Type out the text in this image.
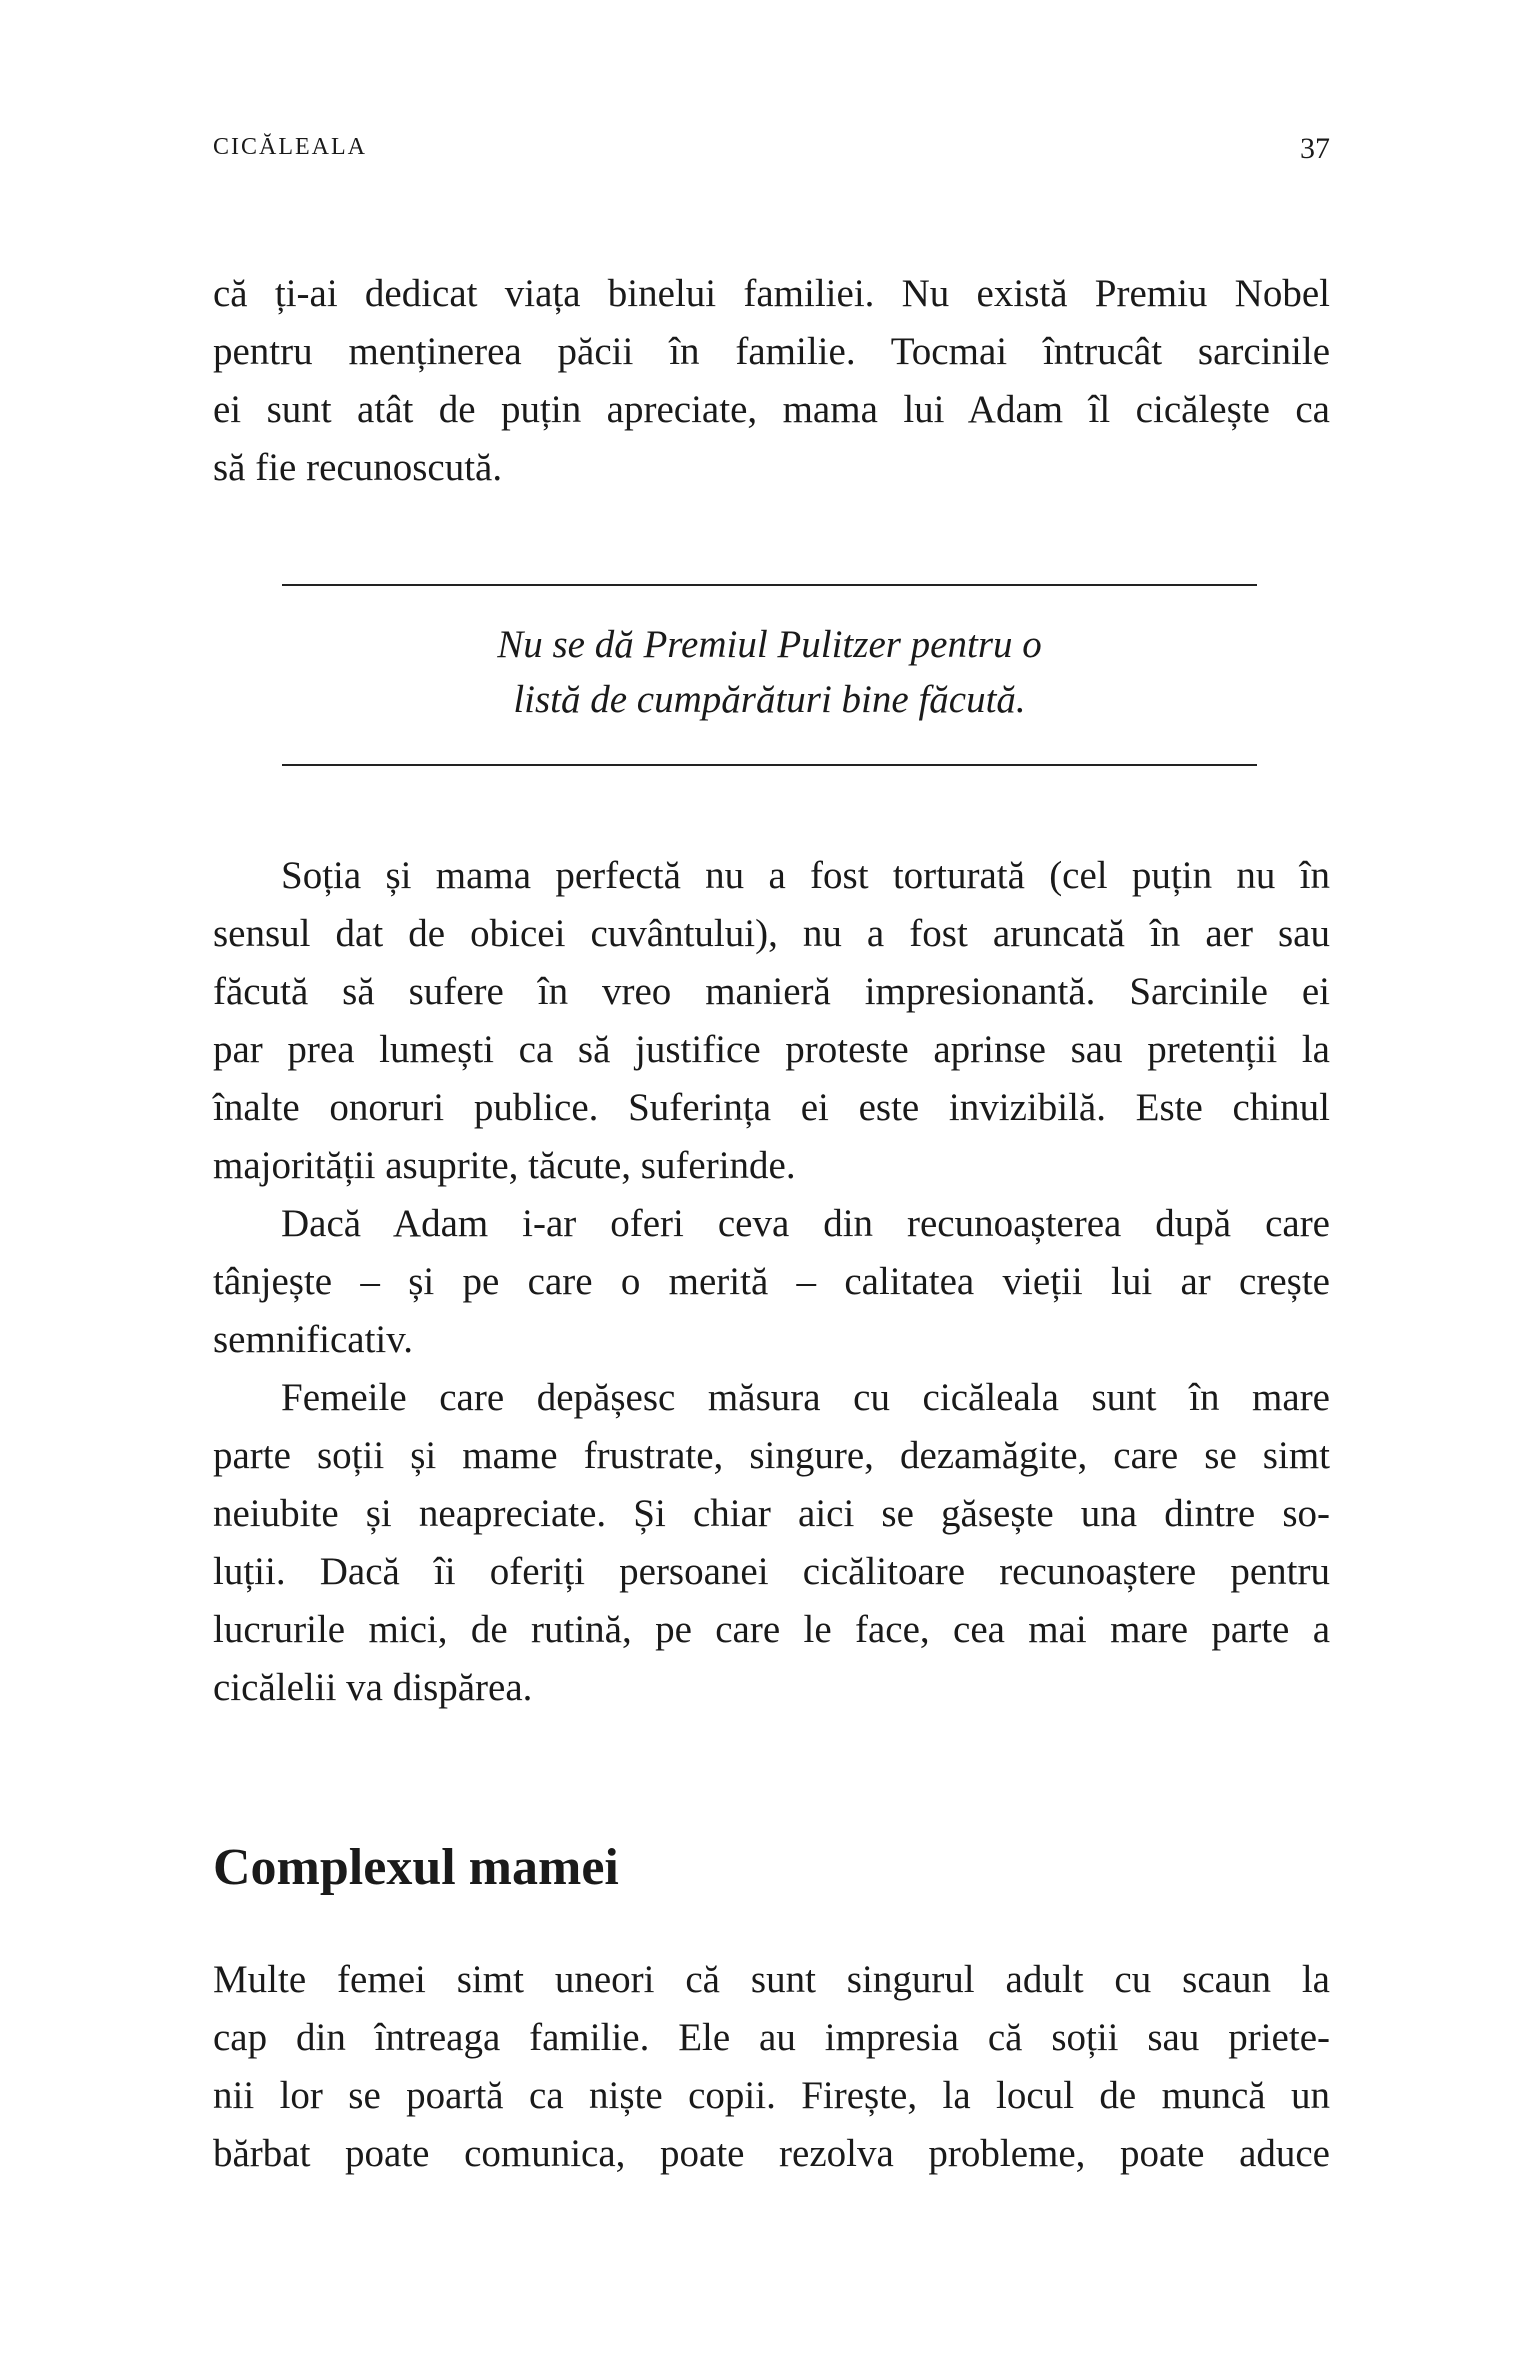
CICĂLEALA	37
că ți-ai dedicat viața binelui familiei. Nu există Premiu Nobel
pentru menținerea păcii în familie. Tocmai întrucât sarcinile
ei sunt atât de puțin apreciate, mama lui Adam îl cicălește ca
să fie recunoscută.
Nu se dă Premiul Pulitzer pentru o
listă de cumpărături bine făcută.
Soția și mama perfectă nu a fost torturată (cel puțin nu în
sensul dat de obicei cuvântului), nu a fost aruncată în aer sau
făcută să sufere în vreo manieră impresionantă. Sarcinile ei
par prea lumești ca să justifice proteste aprinse sau pretenții la
înalte onoruri publice. Suferința ei este invizibilă. Este chinul
majorității asuprite, tăcute, suferinde.
Dacă Adam i-ar oferi ceva din recunoașterea după care
tânjește – și pe care o merită – calitatea vieții lui ar crește
semnificativ.
Femeile care depășesc măsura cu cicăleala sunt în mare
parte soții și mame frustrate, singure, dezamăgite, care se simt
neiubite și neapreciate. Și chiar aici se găsește una dintre so-
luții. Dacă îi oferiți persoanei cicălitoare recunoaștere pentru
lucrurile mici, de rutină, pe care le face, cea mai mare parte a
cicălelii va dispărea.
Complexul mamei
Multe femei simt uneori că sunt singurul adult cu scaun la
cap din întreaga familie. Ele au impresia că soții sau priete-
nii lor se poartă ca niște copii. Firește, la locul de muncă un
bărbat poate comunica, poate rezolva probleme, poate aduce
